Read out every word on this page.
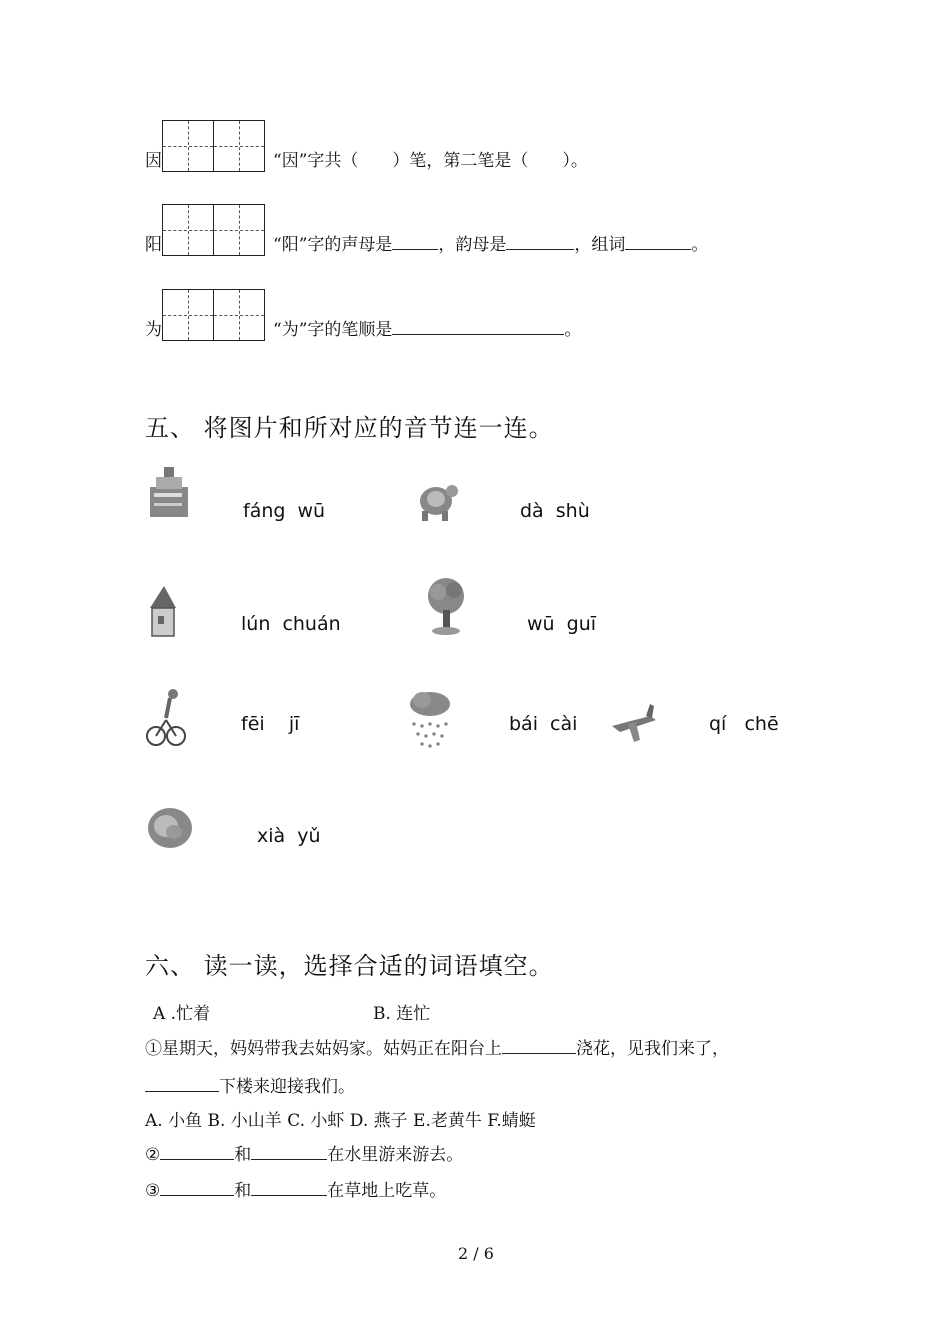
因	“因”字共（　　）笔，第二笔是（　　）。
阳	“阳”字的声母是	，韵母是	，组词	。
为	“为”字的笔顺是	。
五、 将图片和所对应的音节连一连。
fáng  wū	dà  shù
lún  chuán	wū  guī
fēi    jī	bái  cài	qí   chē
xià  yǔ
六、 读一读，选择合适的词语填空。
A .忙着	B. 连忙
①星期天，妈妈带我去姑妈家。姑妈正在阳台上	浇花，见我们来了，
下楼来迎接我们。
A. 小鱼 B. 小山羊 C. 小虾 D. 燕子 E.老黄牛 F.蜻蜓
②	和	在水里游来游去。
③	和	在草地上吃草。
2 / 6
